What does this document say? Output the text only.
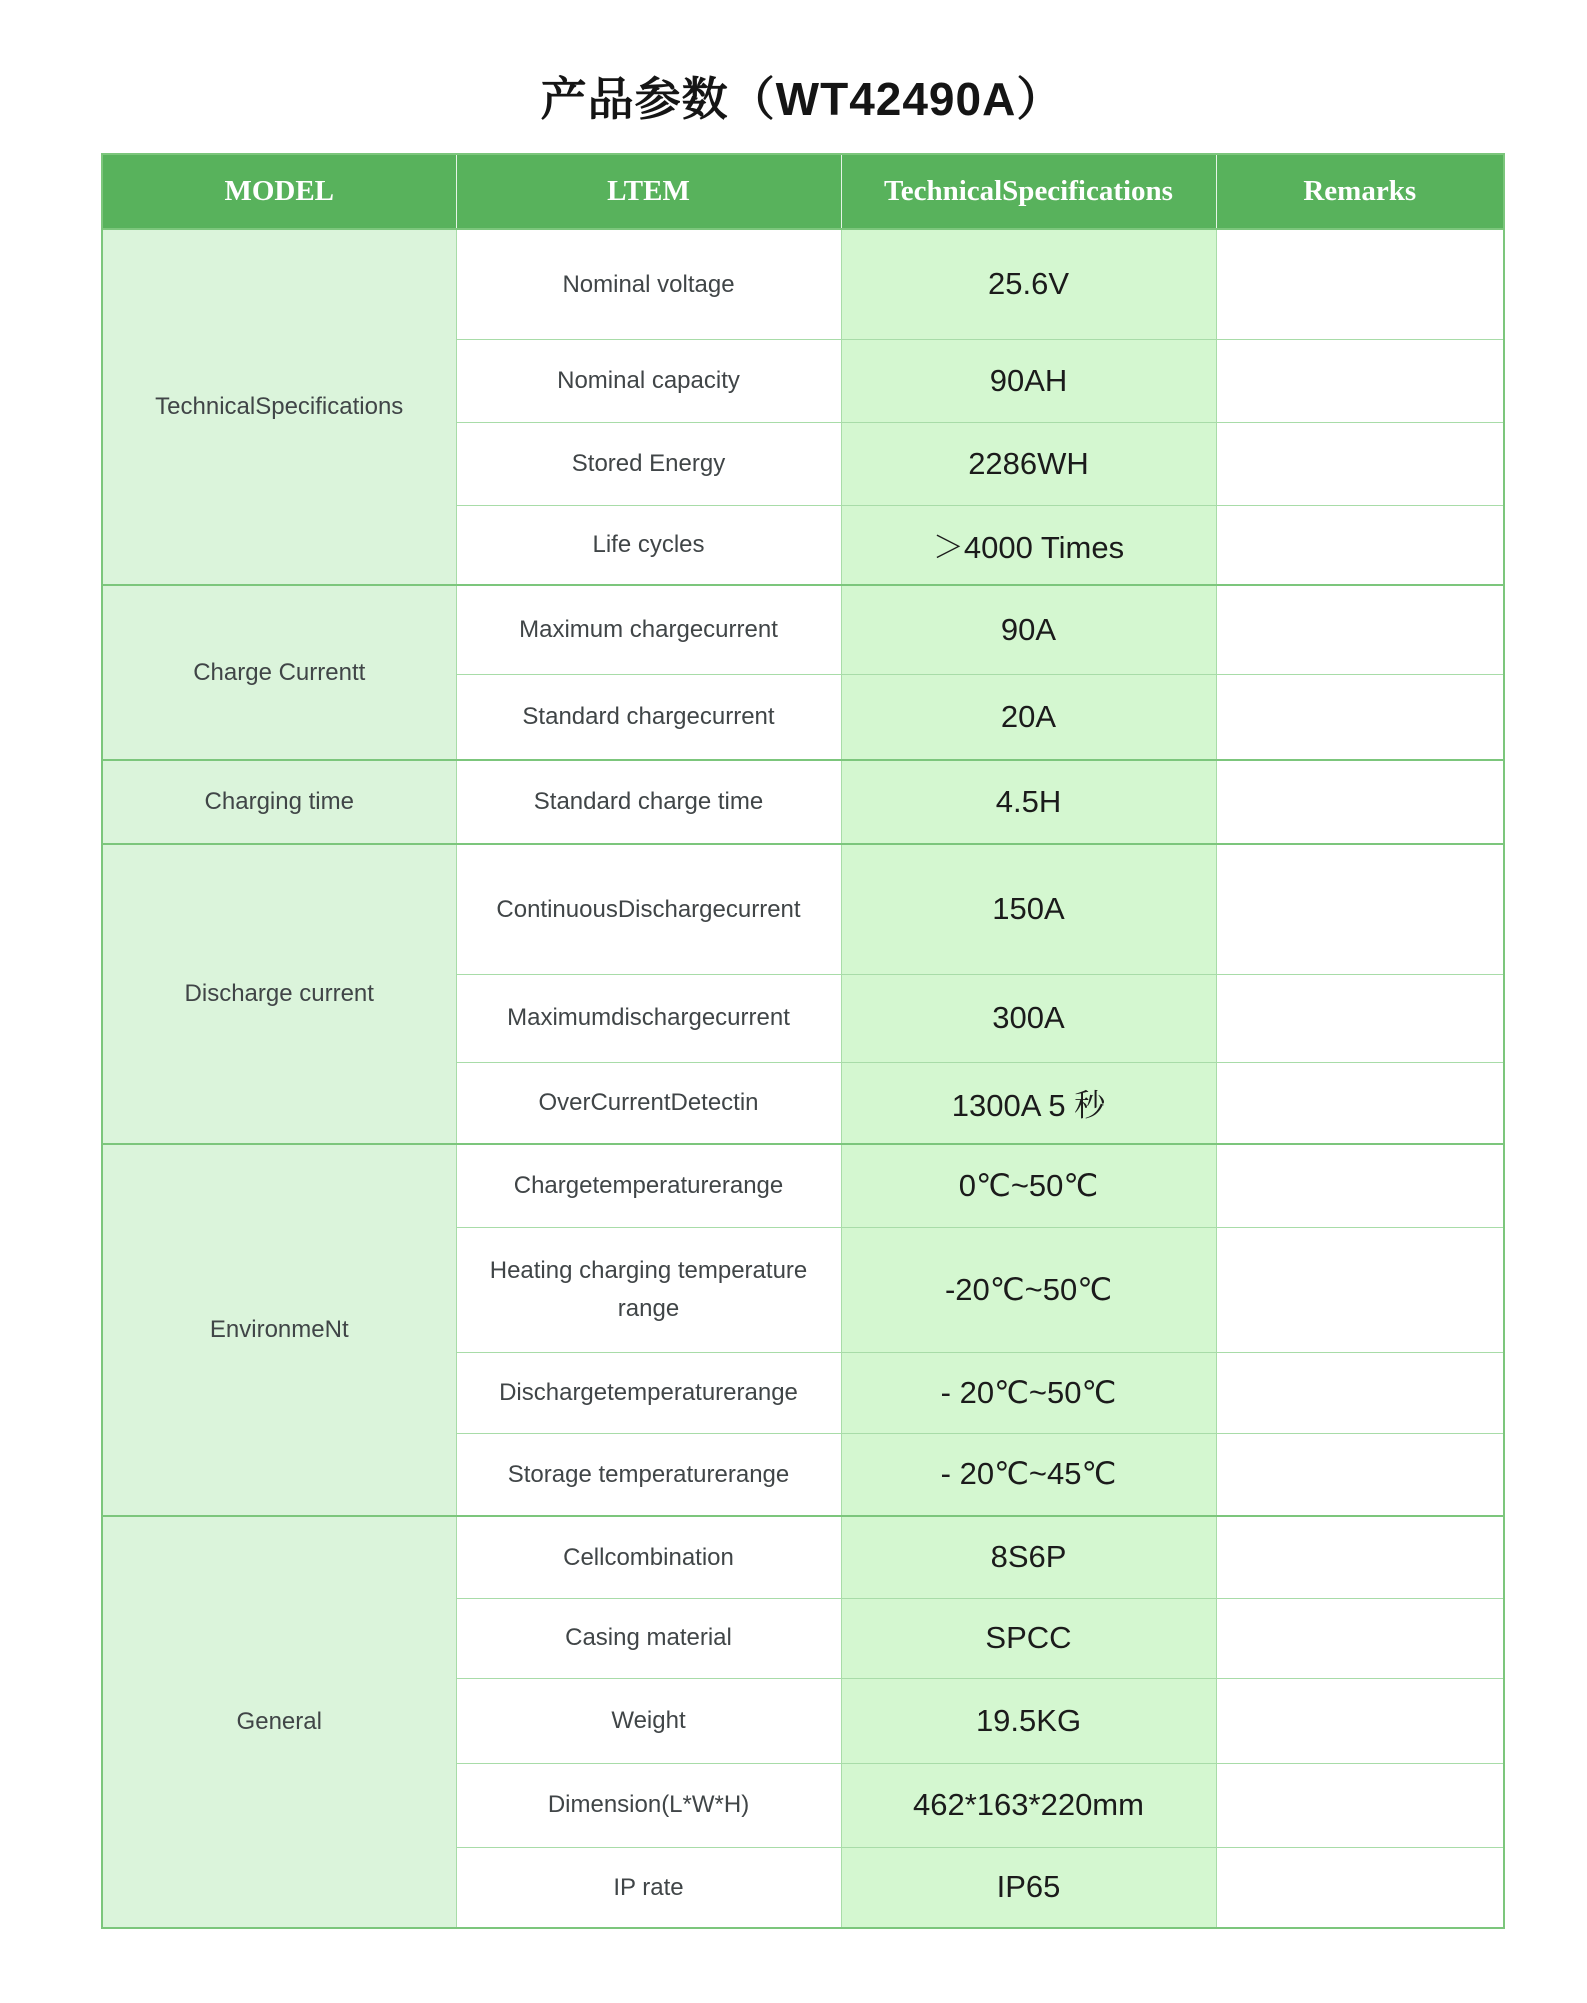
产品参数（WT42490A）
MODEL	LTEM	TechnicalSpecifications	Remarks
TechnicalSpecifications	Nominal voltage	25.6V	
	Nominal capacity	90AH	
	Stored Energy	2286WH	
	Life cycles	＞4000 Times	
Charge Currentt	Maximum chargecurrent	90A	
	Standard chargecurrent	20A	
Charging time	Standard charge time	4.5H	
Discharge current	ContinuousDischargecurrent	150A	
	Maximumdischargecurrent	300A	
	OverCurrentDetectin	1300A 5 秒	
EnvironmeNt	Chargetemperaturerange	0℃~50℃	
	Heating charging temperature range	-20℃~50℃	
	Dischargetemperaturerange	- 20℃~50℃	
	Storage temperaturerange	- 20℃~45℃	
General	Cellcombination	8S6P	
	Casing material	SPCC	
	Weight	19.5KG	
	Dimension(L*W*H)	462*163*220mm	
	IP rate	IP65	
